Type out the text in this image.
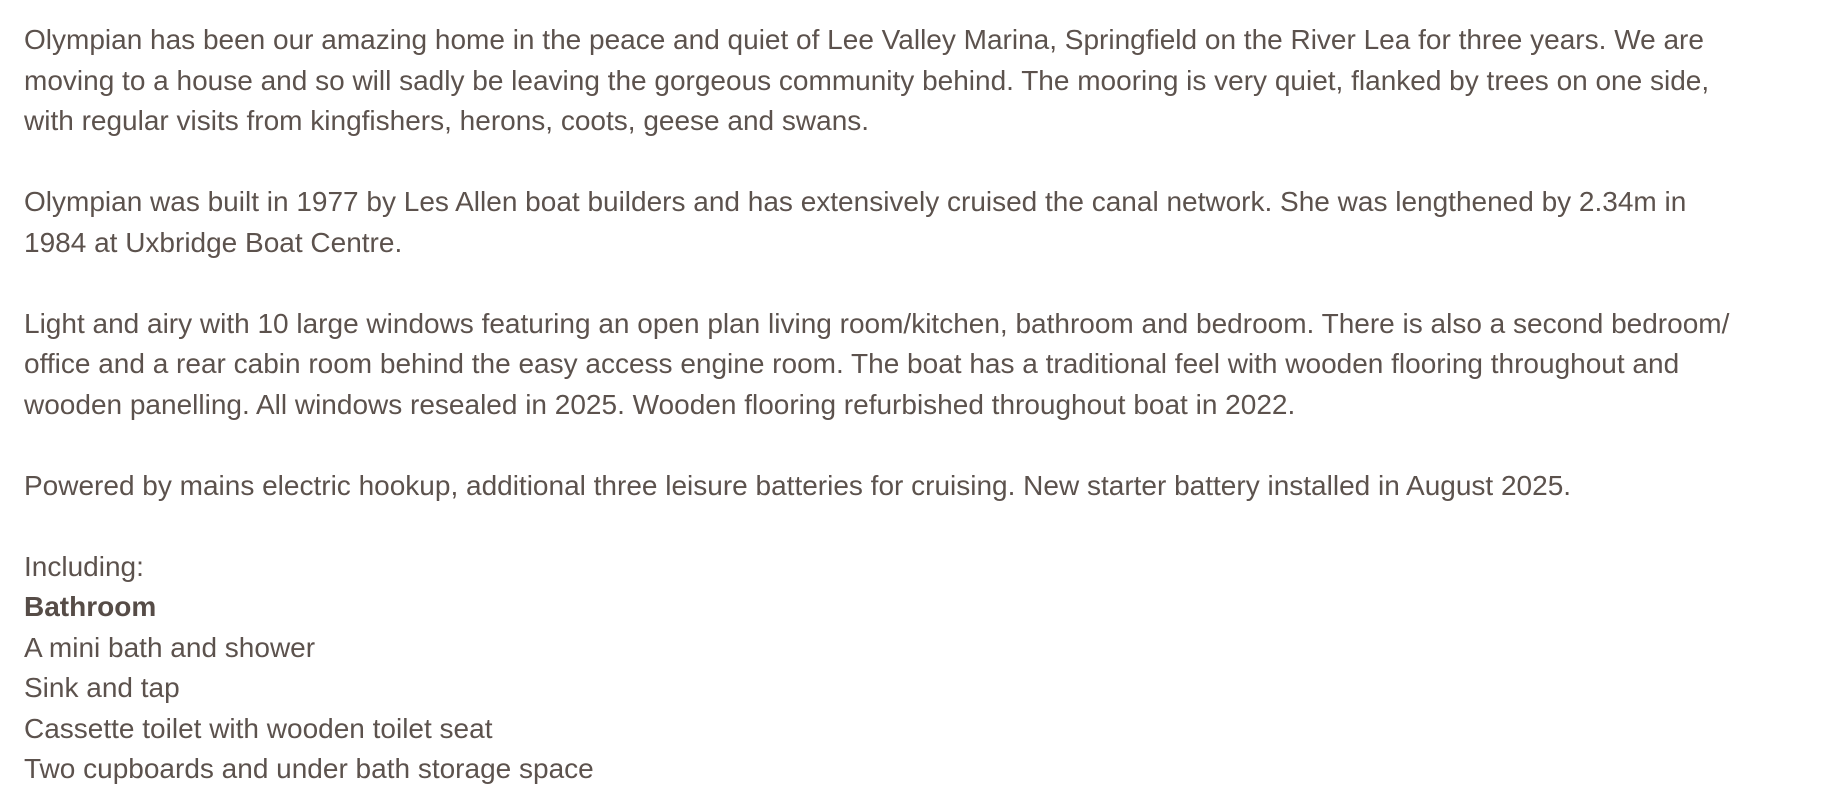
Olympian has been our amazing home in the peace and quiet of Lee Valley Marina, Springfield on the River Lea for three years. We are
moving to a house and so will sadly be leaving the gorgeous community behind. The mooring is very quiet, flanked by trees on one side,
with regular visits from kingfishers, herons, coots, geese and swans.

Olympian was built in 1977 by Les Allen boat builders and has extensively cruised the canal network. She was lengthened by 2.34m in
1984 at Uxbridge Boat Centre.

Light and airy with 10 large windows featuring an open plan living room/kitchen, bathroom and bedroom. There is also a second bedroom/
office and a rear cabin room behind the easy access engine room. The boat has a traditional feel with wooden flooring throughout and
wooden panelling. All windows resealed in 2025. Wooden flooring refurbished throughout boat in 2022.

Powered by mains electric hookup, additional three leisure batteries for cruising. New starter battery installed in August 2025.

Including:
Bathroom
A mini bath and shower
Sink and tap
Cassette toilet with wooden toilet seat
Two cupboards and under bath storage space
